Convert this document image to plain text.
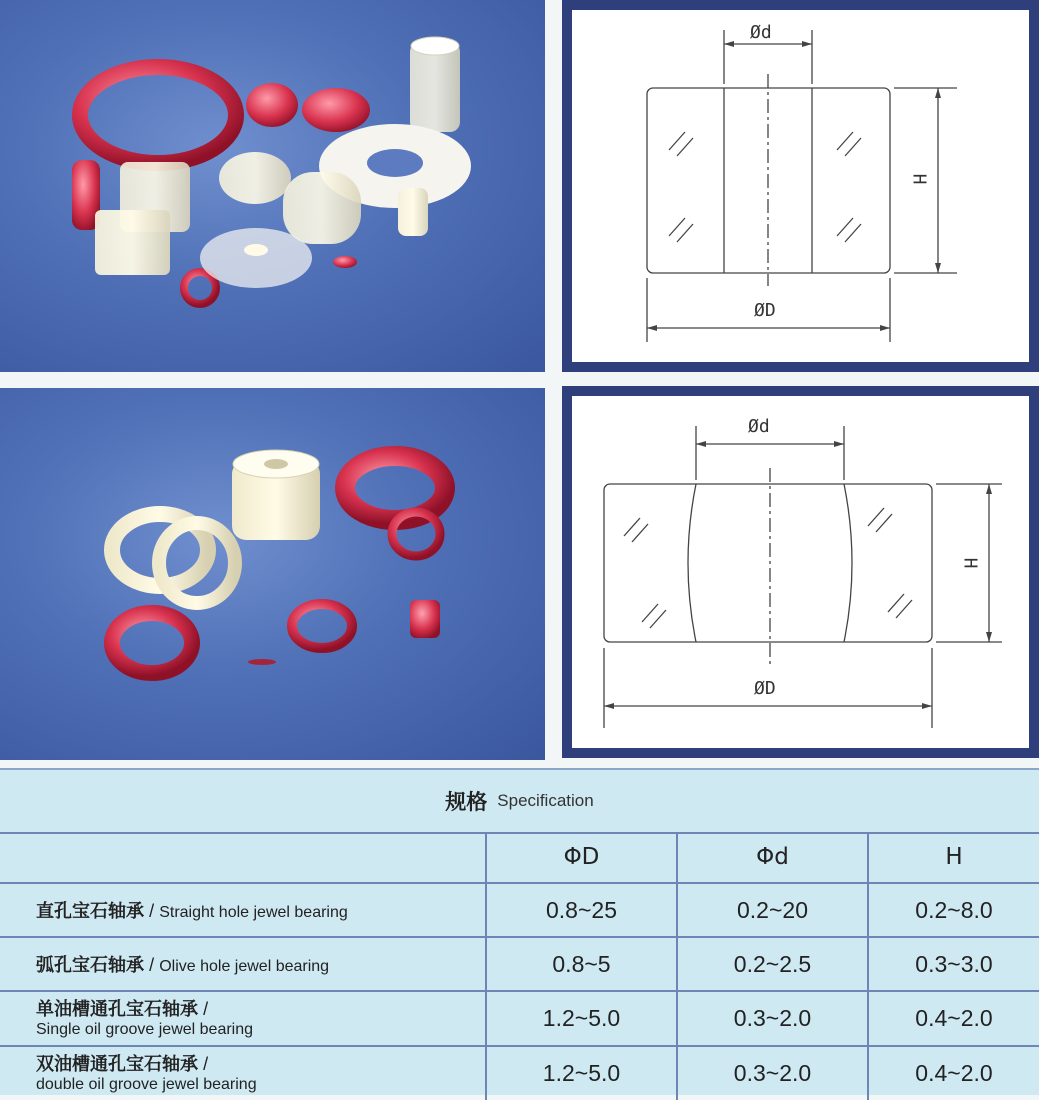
Ød
H
ØD
Ød
H
ØD
规格 Specification
	ΦD	Φd	H
直孔宝石轴承 / Straight hole jewel bearing	0.8~25	0.2~20	0.2~8.0
弧孔宝石轴承 / Olive hole jewel bearing	0.8~5	0.2~2.5	0.3~3.0

单油槽通孔宝石轴承 /
Single oil groove jewel bearing	1.2~5.0	0.3~2.0	0.4~2.0

双油槽通孔宝石轴承 /
double oil groove jewel bearing	1.2~5.0	0.3~2.0	0.4~2.0
